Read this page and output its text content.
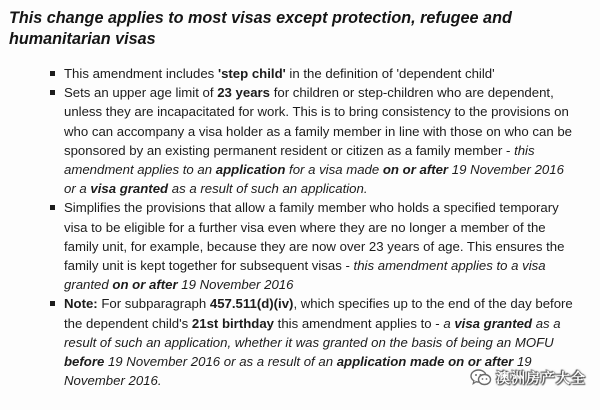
This change applies to most visas except protection, refugee and humanitarian visas
This amendment includes 'step child' in the definition of 'dependent child'
Sets an upper age limit of 23 years for children or step-children who are dependent, unless they are incapacitated for work. This is to bring consistency to the provisions on who can accompany a visa holder as a family member in line with those on who can be sponsored by an existing permanent resident or citizen as a family member - this amendment applies to an application for a visa made on or after 19 November 2016 or a visa granted as a result of such an application.
Simplifies the provisions that allow a family member who holds a specified temporary visa to be eligible for a further visa even where they are no longer a member of the family unit, for example, because they are now over 23 years of age. This ensures the family unit is kept together for subsequent visas - this amendment applies to a visa granted on or after 19 November 2016
Note: For subparagraph 457.511(d)(iv), which specifies up to the end of the day before the dependent child's 21st birthday this amendment applies to - a visa granted as a result of such an application, whether it was granted on the basis of being an MOFU before 19 November 2016 or as a result of an application made on or after 19 November 2016.	澳洲房产大全
